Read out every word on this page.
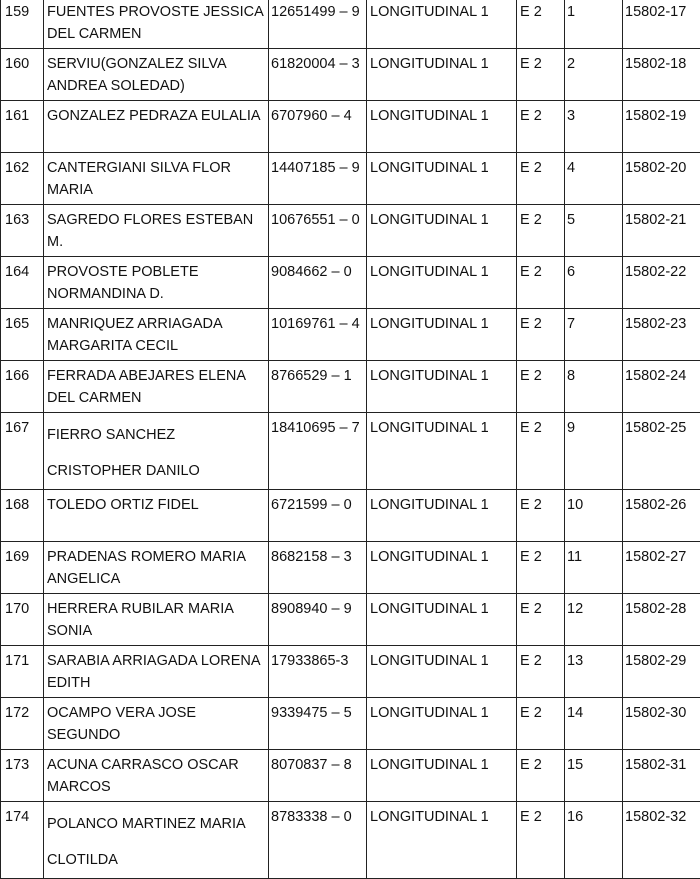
159	FUENTES PROVOSTE JESSICA DEL CARMEN	12651499 – 9	LONGITUDINAL 1	E 2	1	15802-17
160	SERVIU(GONZALEZ SILVA ANDREA SOLEDAD)	61820004 – 3	LONGITUDINAL 1	E 2	2	15802-18
161	GONZALEZ PEDRAZA EULALIA	6707960 – 4	LONGITUDINAL 1	E 2	3	15802-19
162	CANTERGIANI SILVA FLOR MARIA	14407185 – 9	LONGITUDINAL 1	E 2	4	15802-20
163	SAGREDO FLORES ESTEBAN M.	10676551 – 0	LONGITUDINAL 1	E 2	5	15802-21
164	PROVOSTE POBLETE NORMANDINA D.	9084662 – 0	LONGITUDINAL 1	E 2	6	15802-22
165	MANRIQUEZ ARRIAGADA MARGARITA CECIL	10169761 – 4	LONGITUDINAL 1	E 2	7	15802-23
166	FERRADA ABEJARES ELENA DEL CARMEN	8766529 – 1	LONGITUDINAL 1	E 2	8	15802-24
167	FIERRO SANCHEZ CRISTOPHER DANILO	18410695 – 7	LONGITUDINAL 1	E 2	9	15802-25
168	TOLEDO ORTIZ FIDEL	6721599 – 0	LONGITUDINAL 1	E 2	10	15802-26
169	PRADENAS ROMERO MARIA ANGELICA	8682158 – 3	LONGITUDINAL 1	E 2	11	15802-27
170	HERRERA RUBILAR MARIA SONIA	8908940 – 9	LONGITUDINAL 1	E 2	12	15802-28
171	SARABIA ARRIAGADA LORENA EDITH	17933865-3	LONGITUDINAL 1	E 2	13	15802-29
172	OCAMPO VERA JOSE SEGUNDO	9339475 – 5	LONGITUDINAL 1	E 2	14	15802-30
173	ACUNA CARRASCO OSCAR MARCOS	8070837 – 8	LONGITUDINAL 1	E 2	15	15802-31
174	POLANCO MARTINEZ MARIA CLOTILDA	8783338 – 0	LONGITUDINAL 1	E 2	16	15802-32
